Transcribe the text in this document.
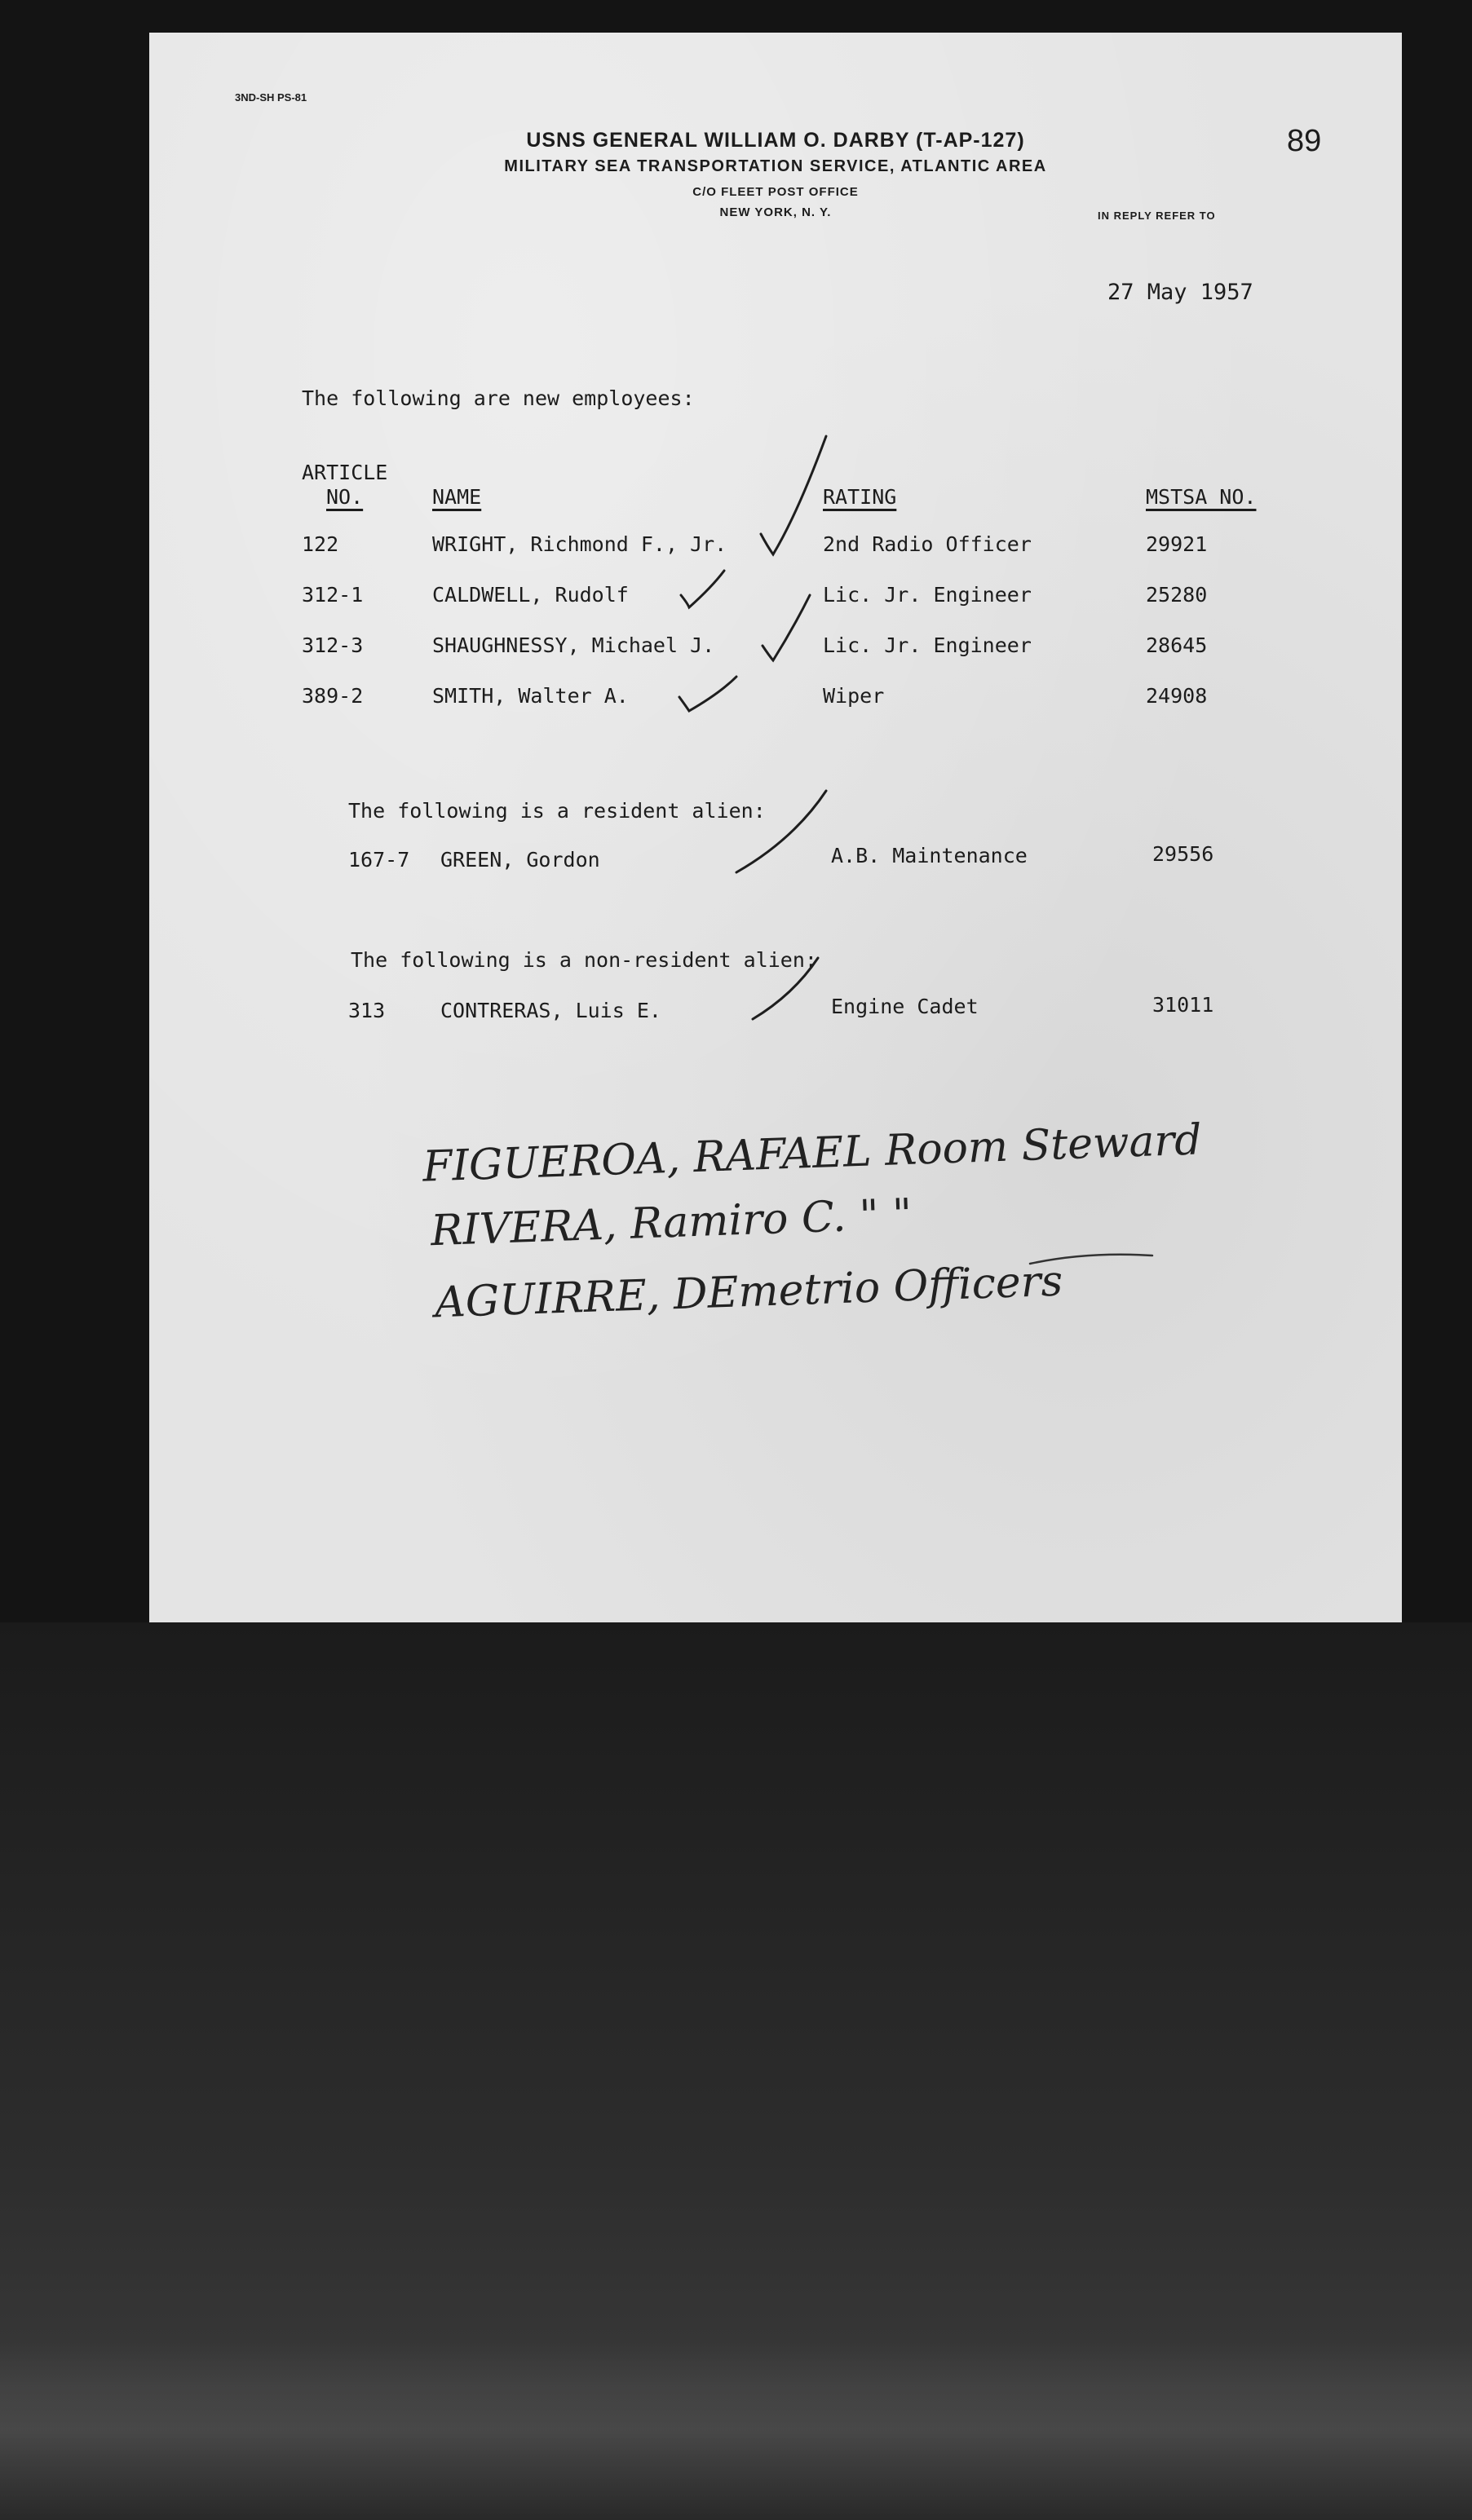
3ND-SH PS-81
USNS GENERAL WILLIAM O. DARBY (T-AP-127)
MILITARY SEA TRANSPORTATION SERVICE, ATLANTIC AREA
C/O FLEET POST OFFICE
NEW YORK, N. Y.	IN REPLY REFER TO
89
27 May 1957
The following are new employees:
ARTICLE
NO.	NAME	RATING	MSTSA NO.
122	WRIGHT, Richmond F., Jr.	2nd Radio Officer	29921
312-1	CALDWELL, Rudolf	Lic. Jr. Engineer	25280
312-3	SHAUGHNESSY, Michael J.	Lic. Jr. Engineer	28645
389-2	SMITH, Walter A.	Wiper	24908
The following is a resident alien:
167-7 GREEN, Gordon	A.B. Maintenance	29556
The following is a non-resident alien:
313	CONTRERAS, Luis E.	Engine Cadet	31011
FIGUEROA, RAFAEL Room Steward
RIVERA, Ramiro C. " "
AGUIRRE, DEmetrio Officers
